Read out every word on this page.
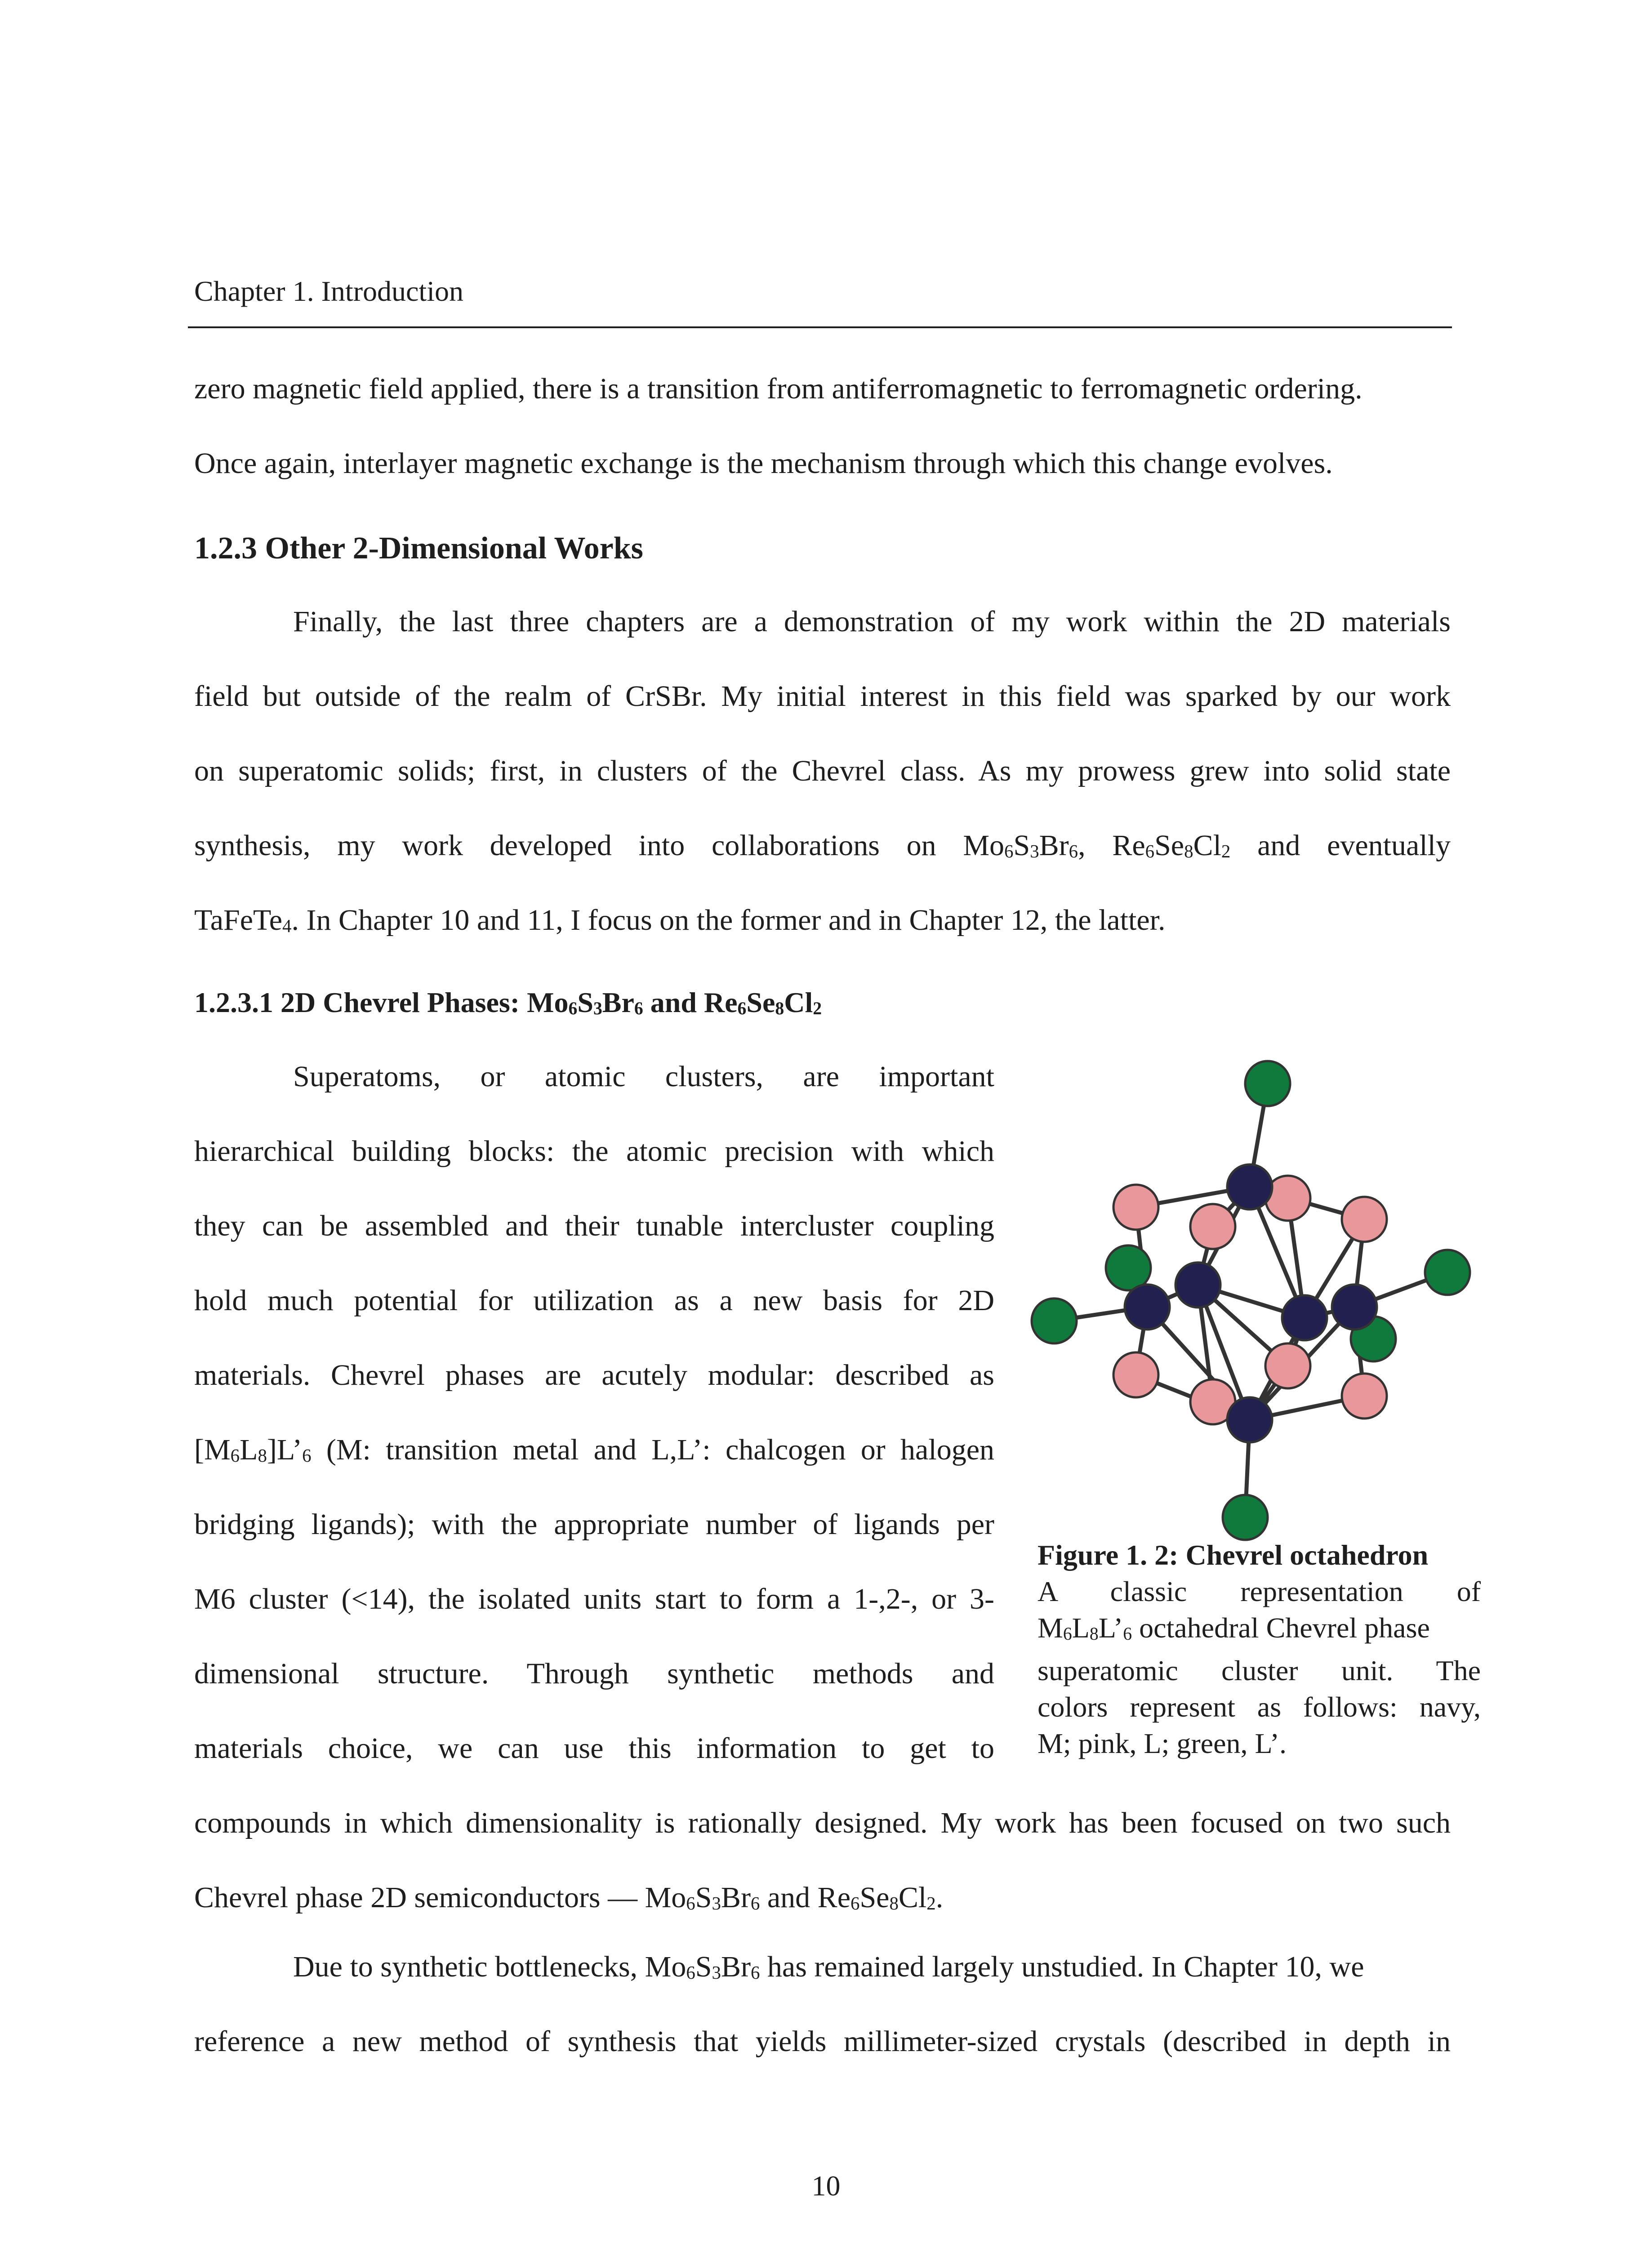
Chapter 1. Introduction
zero magnetic field applied, there is a transition from antiferromagnetic to ferromagnetic ordering.
Once again, interlayer magnetic exchange is the mechanism through which this change evolves.
1.2.3 Other 2-Dimensional Works
Finally, the last three chapters are a demonstration of my work within the 2D materials
field but outside of the realm of CrSBr. My initial interest in this field was sparked by our work
on superatomic solids; first, in clusters of the Chevrel class. As my prowess grew into solid state
synthesis, my work developed into collaborations on Mo6S3Br6, Re6Se8Cl2 and eventually
TaFeTe4. In Chapter 10 and 11, I focus on the former and in Chapter 12, the latter.
1.2.3.1 2D Chevrel Phases: Mo6S3Br6 and Re6Se8Cl2
Superatoms, or atomic clusters, are important
hierarchical building blocks: the atomic precision with which
they can be assembled and their tunable intercluster coupling
hold much potential for utilization as a new basis for 2D
materials. Chevrel phases are acutely modular: described as
[M6L8]L’6 (M: transition metal and L,L’: chalcogen or halogen
bridging ligands); with the appropriate number of ligands per
M6 cluster (<14), the isolated units start to form a 1-,2-, or 3-
dimensional structure. Through synthetic methods and
materials choice, we can use this information to get to
compounds in which dimensionality is rationally designed. My work has been focused on two such
Chevrel phase 2D semiconductors — Mo6S3Br6 and Re6Se8Cl2.
Due to synthetic bottlenecks, Mo6S3Br6 has remained largely unstudied. In Chapter 10, we
reference a new method of synthesis that yields millimeter-sized crystals (described in depth in
Figure 1. 2: Chevrel octahedron
A classic representation of
M6L8L’6 octahedral Chevrel phase
superatomic cluster unit. The
colors represent as follows: navy,
M; pink, L; green, L’.
10
